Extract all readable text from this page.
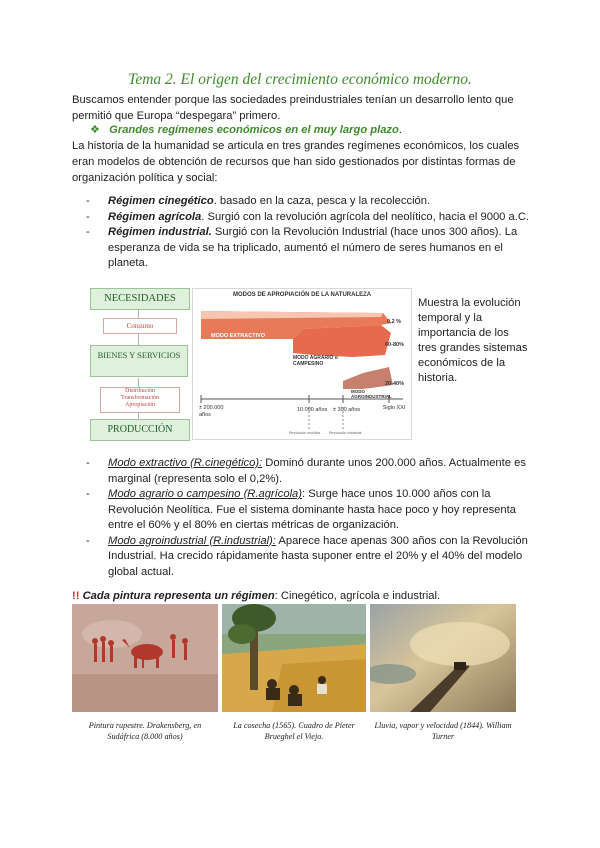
Tema 2. El origen del crecimiento económico moderno.
Buscamos entender porque las sociedades preindustriales tenían un desarrollo lento que permitió que Europa “despegara” primero.
❖ Grandes regímenes económicos en el muy largo plazo.
La historia de la humanidad se articula en tres grandes regímenes económicos, los cuales eran modelos de obtención de recursos que han sido gestionados por distintas formas de organización política y social:
- Régimen cinegético. basado en la caza, pesca y la recolección.
- Régimen agrícola. Surgió con la revolución agrícola del neolítico, hacia el 9000 a.C.
- Régimen industrial. Surgió con la Revolución Industrial (hace unos 300 años). La esperanza de vida se ha triplicado, aumentó el número de seres humanos en el planeta.
NECESIDADES
Consumo
BIENES Y SERVICIOS
Distribución
Transformación
Apropiación
PRODUCCIÓN
MODOS DE APROPIACIÓN DE LA NATURALEZA
MODO EXTRACTIVO
MODO AGRARIO o CAMPESINO
MODO AGROINDUSTRIAL
0,2 %
60-80%
20-40%
± 200.000 años
10.000 años ± 300 años	Siglo XXI
Revolución neolítica Revolución industrial
Muestra la evolución temporal y la importancia de los tres grandes sistemas económicos de la historia.
- Modo extractivo (R.cinegético): Dominó durante unos 200.000 años. Actualmente es marginal (representa solo el 0,2%).
- Modo agrario o campesino (R.agrícola): Surge hace unos 10.000 años con la Revolución Neolítica. Fue el sistema dominante hasta hace poco y hoy representa entre el 60% y el 80% en ciertas métricas de organización.
- Modo agroindustrial (R.industrial): Aparece hace apenas 300 años con la Revolución Industrial. Ha crecido rápidamente hasta suponer entre el 20% y el 40% del modelo global actual.
!! Cada pintura representa un régimen: Cinegético, agrícola e industrial.
Pintura rupestre. Drakensberg, en Sudáfrica (8.000 años)
La cosecha (1565). Cuadro de Pieter Brueghel el Viejo.
Lluvia, vapor y velocidad (1844). William Turner
